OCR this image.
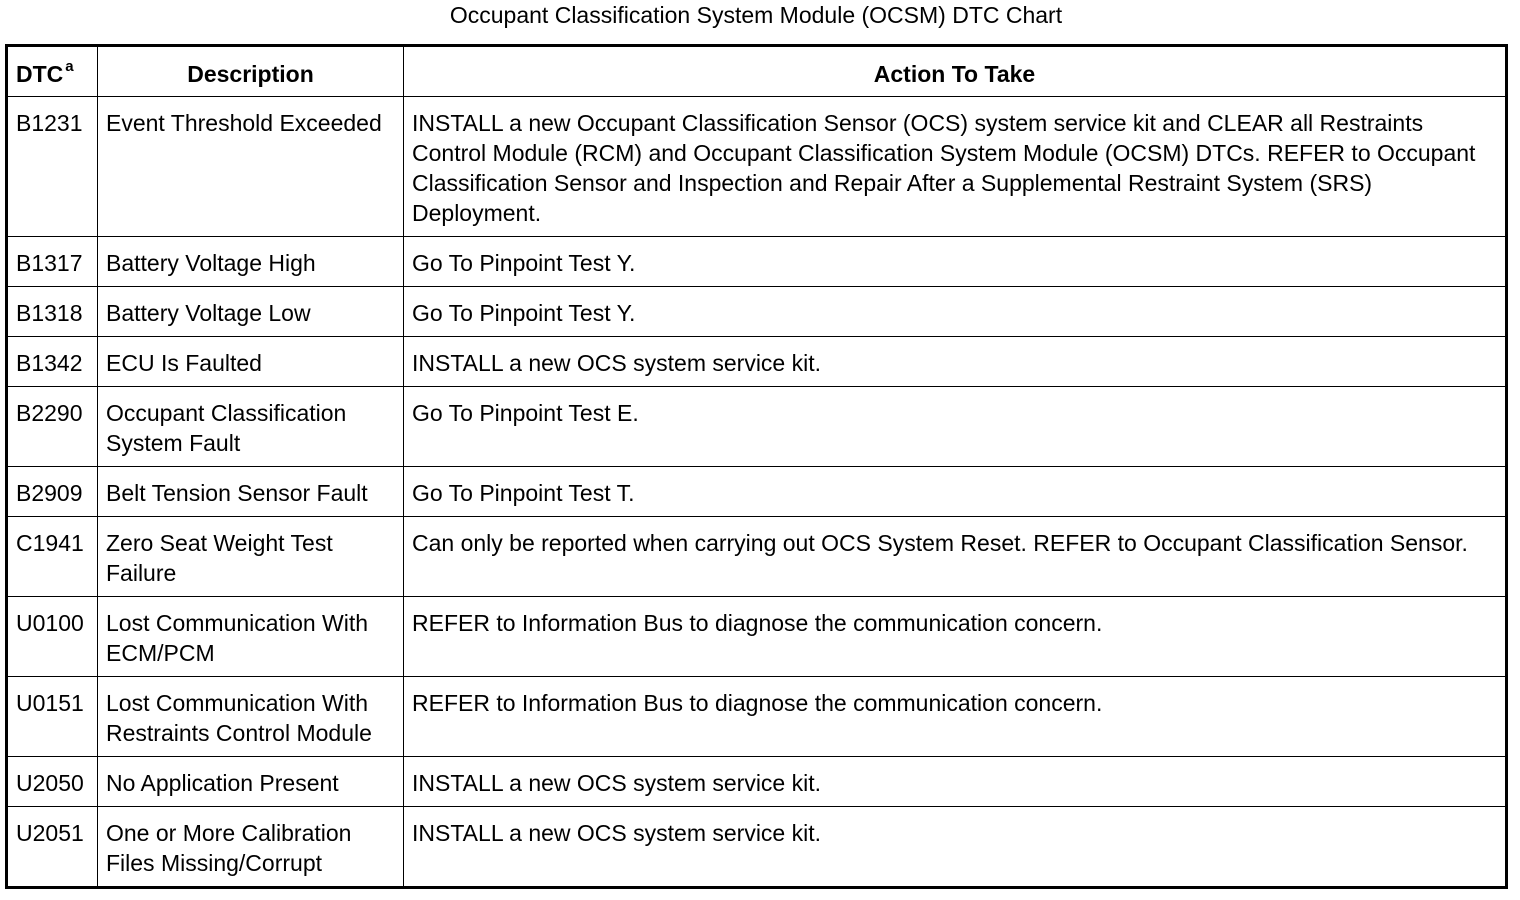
Occupant Classification System Module (OCSM) DTC Chart
DTC $^a$	Description	Action To Take
B1231	Event Threshold Exceeded	INSTALL a new Occupant Classification Sensor (OCS) system service kit and CLEAR all Restraints Control Module (RCM) and Occupant Classification System Module (OCSM) DTCs. REFER to Occupant Classification Sensor and Inspection and Repair After a Supplemental Restraint System (SRS) Deployment.
B1317	Battery Voltage High	Go To Pinpoint Test Y.
B1318	Battery Voltage Low	Go To Pinpoint Test Y.
B1342	ECU Is Faulted	INSTALL a new OCS system service kit.
B2290	Occupant Classification System Fault	Go To Pinpoint Test E.
B2909	Belt Tension Sensor Fault	Go To Pinpoint Test T.
C1941	Zero Seat Weight Test Failure	Can only be reported when carrying out OCS System Reset. REFER to Occupant Classification Sensor.
U0100	Lost Communication With ECM/PCM	REFER to Information Bus to diagnose the communication concern.
U0151	Lost Communication With Restraints Control Module	REFER to Information Bus to diagnose the communication concern.
U2050	No Application Present	INSTALL a new OCS system service kit.
U2051	One or More Calibration Files Missing/Corrupt	INSTALL a new OCS system service kit.
